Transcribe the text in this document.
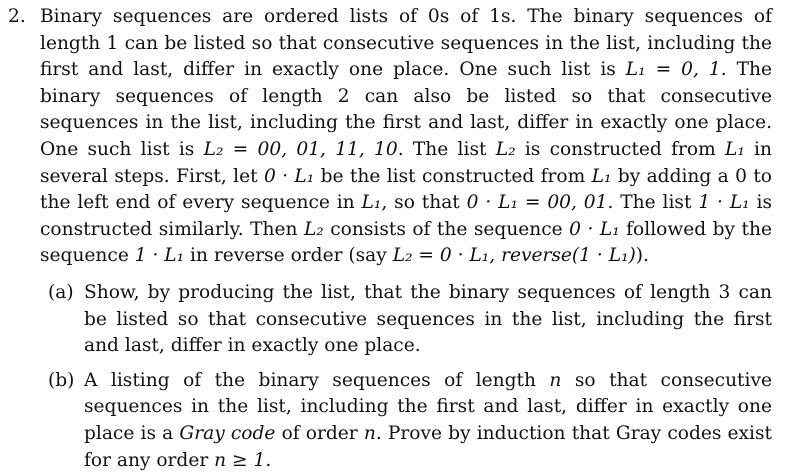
2. Binary sequences are ordered lists of 0s of 1s. The binary sequences of length 1 can be listed so that consecutive sequences in the list, including the first and last, differ in exactly one place. One such list is L₁ = 0, 1. The binary sequences of length 2 can also be listed so that consecutive sequences in the list, including the first and last, differ in exactly one place. One such list is L₂ = 00, 01, 11, 10. The list L₂ is constructed from L₁ in several steps. First, let 0 · L₁ be the list constructed from L₁ by adding a 0 to the left end of every sequence in L₁, so that 0 · L₁ = 00, 01. The list 1 · L₁ is constructed similarly. Then L₂ consists of the sequence 0 · L₁ followed by the sequence 1 · L₁ in reverse order (say L₂ = 0 · L₁, reverse(1 · L₁)).
(a) Show, by producing the list, that the binary sequences of length 3 can be listed so that consecutive sequences in the list, including the first and last, differ in exactly one place.
(b) A listing of the binary sequences of length n so that consecutive sequences in the list, including the first and last, differ in exactly one place is a Gray code of order n. Prove by induction that Gray codes exist for any order n ≥ 1.
